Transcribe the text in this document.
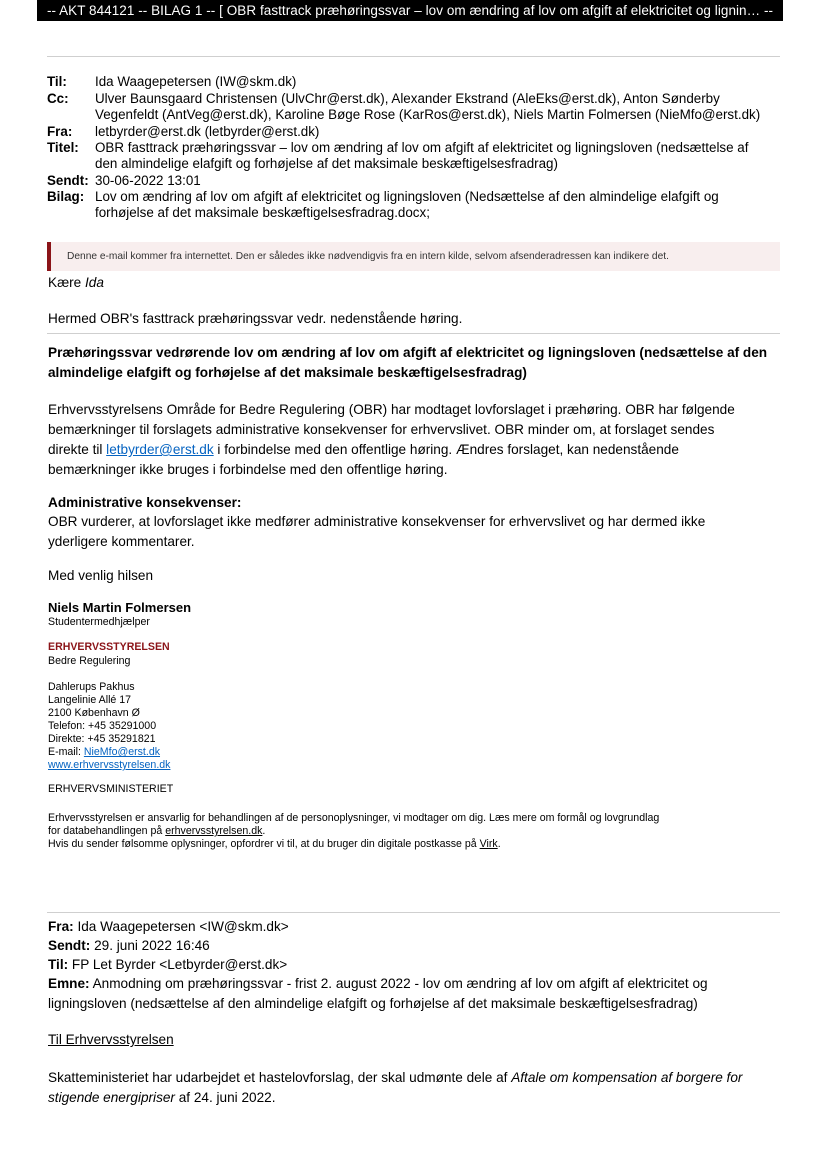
-- AKT 844121 -- BILAG 1 -- [ OBR fasttrack præhøringssvar – lov om ændring af lov om afgift af elektricitet og lignin… --
Til: Ida Waagepetersen (IW@skm.dk)
Cc: Ulver Baunsgaard Christensen (UlvChr@erst.dk), Alexander Ekstrand (AleEks@erst.dk), Anton Sønderby
Vegenfeldt (AntVeg@erst.dk), Karoline Bøge Rose (KarRos@erst.dk), Niels Martin Folmersen (NieMfo@erst.dk)
Fra: letbyrder@erst.dk (letbyrder@erst.dk)
Titel: OBR fasttrack præhøringssvar – lov om ændring af lov om afgift af elektricitet og ligningsloven (nedsættelse af
den almindelige elafgift og forhøjelse af det maksimale beskæftigelsesfradrag)
Sendt: 30-06-2022 13:01
Bilag: Lov om ændring af lov om afgift af elektricitet og ligningsloven (Nedsættelse af den almindelige elafgift og
forhøjelse af det maksimale beskæftigelsesfradrag.docx;
Denne e-mail kommer fra internettet. Den er således ikke nødvendigvis fra en intern kilde, selvom afsenderadressen kan indikere det.
Kære Ida
Hermed OBR's fasttrack præhøringssvar vedr. nedenstående høring.
Præhøringssvar vedrørende lov om ændring af lov om afgift af elektricitet og ligningsloven (nedsættelse af den
almindelige elafgift og forhøjelse af det maksimale beskæftigelsesfradrag)
Erhvervsstyrelsens Område for Bedre Regulering (OBR) har modtaget lovforslaget i præhøring. OBR har følgende
bemærkninger til forslagets administrative konsekvenser for erhvervslivet. OBR minder om, at forslaget sendes
direkte til letbyrder@erst.dk i forbindelse med den offentlige høring. Ændres forslaget, kan nedenstående
bemærkninger ikke bruges i forbindelse med den offentlige høring.
Administrative konsekvenser:
OBR vurderer, at lovforslaget ikke medfører administrative konsekvenser for erhvervslivet og har dermed ikke
yderligere kommentarer.
Med venlig hilsen
Niels Martin Folmersen
Studentermedhjælper
ERHVERVSSTYRELSEN
Bedre Regulering
Dahlerups Pakhus
Langelinie Allé 17
2100 København Ø
Telefon: +45 35291000
Direkte: +45 35291821
E-mail: NieMfo@erst.dk
www.erhvervsstyrelsen.dk
ERHVERVSMINISTERIET
Erhvervsstyrelsen er ansvarlig for behandlingen af de personoplysninger, vi modtager om dig. Læs mere om formål og lovgrundlag
for databehandlingen på erhvervsstyrelsen.dk.
Hvis du sender følsomme oplysninger, opfordrer vi til, at du bruger din digitale postkasse på Virk.
Fra: Ida Waagepetersen <IW@skm.dk>
Sendt: 29. juni 2022 16:46
Til: FP Let Byrder <Letbyrder@erst.dk>
Emne: Anmodning om præhøringssvar - frist 2. august 2022 - lov om ændring af lov om afgift af elektricitet og
ligningsloven (nedsættelse af den almindelige elafgift og forhøjelse af det maksimale beskæftigelsesfradrag)
Til Erhvervsstyrelsen
Skatteministeriet har udarbejdet et hastelovforslag, der skal udmønte dele af Aftale om kompensation af borgere for
stigende energipriser af 24. juni 2022.
